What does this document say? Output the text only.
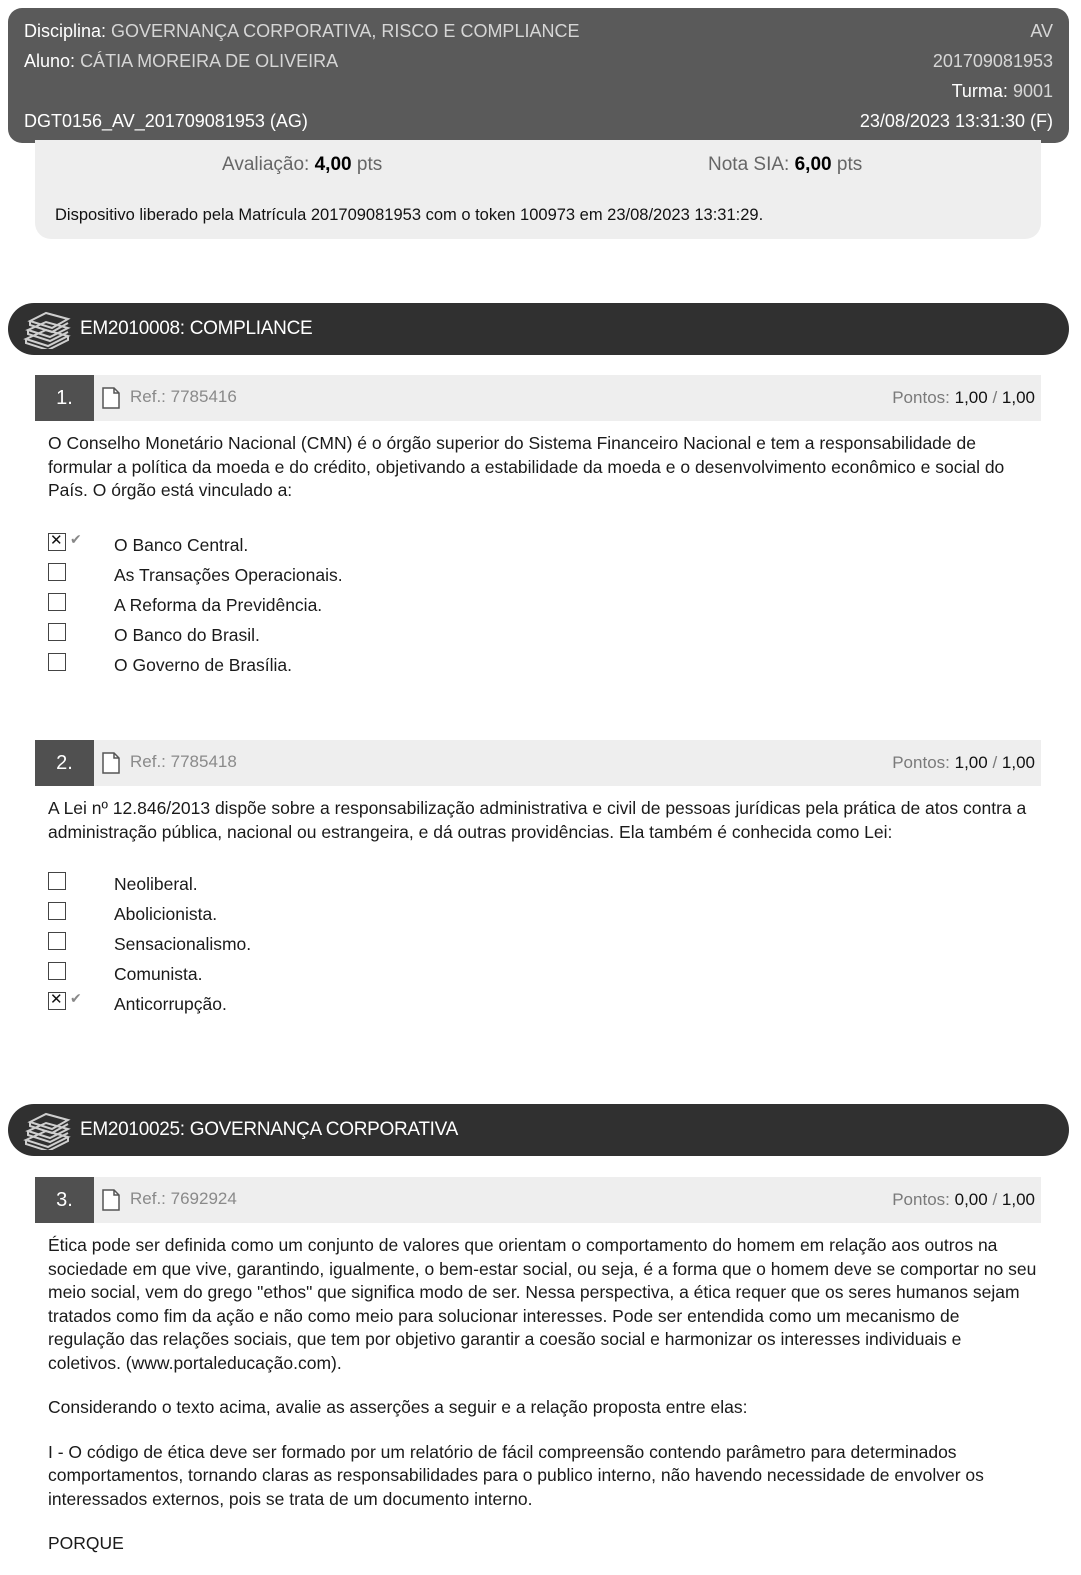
Disciplina: GOVERNANÇA CORPORATIVA, RISCO E COMPLIANCE	AV
Aluno: CÁTIA MOREIRA DE OLIVEIRA	201709081953
Turma: 9001
DGT0156_AV_201709081953 (AG)	23/08/2023 13:31:30 (F)
Avaliação: 4,00 pts	Nota SIA: 6,00 pts
Dispositivo liberado pela Matrícula 201709081953 com o token 100973 em 23/08/2023 13:31:29.
EM2010008: COMPLIANCE
1.	Ref.: 7785416	Pontos: 1,00 / 1,00

O Conselho Monetário Nacional (CMN) é o órgão superior do Sistema Financeiro Nacional e tem a responsabilidade de formular a política da moeda e do crédito, objetivando a estabilidade da moeda e o desenvolvimento econômico e social do País. O órgão está vinculado a:

✕
✔ O Banco Central.
As Transações Operacionais.
A Reforma da Previdência.
O Banco do Brasil.
O Governo de Brasília.
2.	Ref.: 7785418	Pontos: 1,00 / 1,00

A Lei nº 12.846/2013 dispõe sobre a responsabilização administrativa e civil de pessoas jurídicas pela prática de atos contra a administração pública, nacional ou estrangeira, e dá outras providências. Ela também é conhecida como Lei:

Neoliberal.
Abolicionista.
Sensacionalismo.
Comunista.
✕
✔ Anticorrupção.
EM2010025: GOVERNANÇA CORPORATIVA
3.	Ref.: 7692924	Pontos: 0,00 / 1,00

Ética pode ser definida como um conjunto de valores que orientam o comportamento do homem em relação aos outros na sociedade em que vive, garantindo, igualmente, o bem-estar social, ou seja, é a forma que o homem deve se comportar no seu meio social, vem do grego "ethos" que significa modo de ser. Nessa perspectiva, a ética requer que os seres humanos sejam tratados como fim da ação e não como meio para solucionar interesses. Pode ser entendida como um mecanismo de regulação das relações sociais, que tem por objetivo garantir a coesão social e harmonizar os interesses individuais e coletivos. (www.portaleducação.com).

Considerando o texto acima, avalie as asserções a seguir e a relação proposta entre elas:

I - O código de ética deve ser formado por um relatório de fácil compreensão contendo parâmetro para determinados comportamentos, tornando claras as responsabilidades para o publico interno, não havendo necessidade de envolver os interessados externos, pois se trata de um documento interno.

PORQUE
